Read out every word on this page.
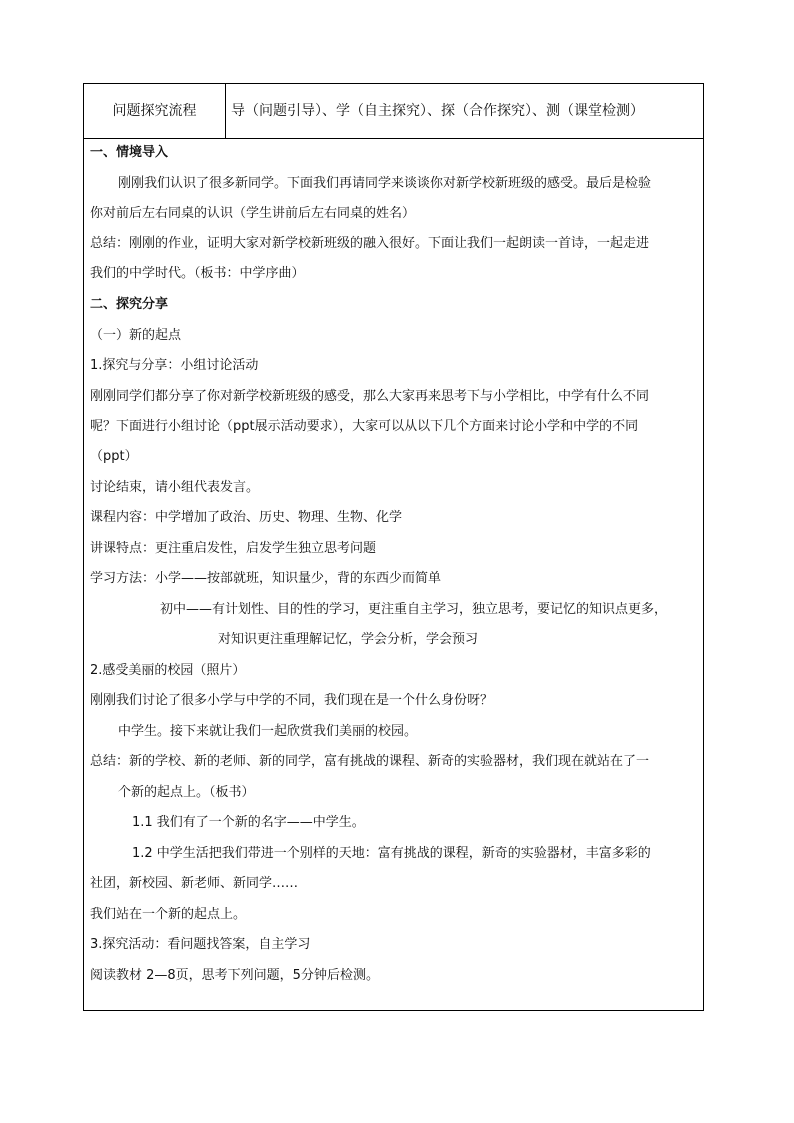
问题探究流程	导（问题引导）、学（自主探究）、探（合作探究）、测（课堂检测）
一、情境导入
刚刚我们认识了很多新同学。下面我们再请同学来谈谈你对新学校新班级的感受。最后是检验
你对前后左右同桌的认识（学生讲前后左右同桌的姓名）
总结：刚刚的作业，证明大家对新学校新班级的融入很好。下面让我们一起朗读一首诗，一起走进
我们的中学时代。（板书：中学序曲）
二、探究分享
（一）新的起点
1.探究与分享：小组讨论活动
刚刚同学们都分享了你对新学校新班级的感受，那么大家再来思考下与小学相比，中学有什么不同
呢？下面进行小组讨论（ppt展示活动要求），大家可以从以下几个方面来讨论小学和中学的不同
（ppt）
讨论结束，请小组代表发言。
课程内容：中学增加了政治、历史、物理、生物、化学
讲课特点：更注重启发性，启发学生独立思考问题
学习方法：小学——按部就班，知识量少，背的东西少而简单
初中——有计划性、目的性的学习，更注重自主学习，独立思考，要记忆的知识点更多，
对知识更注重理解记忆，学会分析，学会预习
2.感受美丽的校园（照片）
刚刚我们讨论了很多小学与中学的不同，我们现在是一个什么身份呀？
中学生。接下来就让我们一起欣赏我们美丽的校园。
总结：新的学校、新的老师、新的同学，富有挑战的课程、新奇的实验器材，我们现在就站在了一
个新的起点上。（板书）
1.1 我们有了一个新的名字——中学生。
1.2 中学生活把我们带进一个别样的天地：富有挑战的课程，新奇的实验器材，丰富多彩的
社团，新校园、新老师、新同学……
我们站在一个新的起点上。
3.探究活动：看问题找答案，自主学习
阅读教材 2—8页，思考下列问题，5分钟后检测。
